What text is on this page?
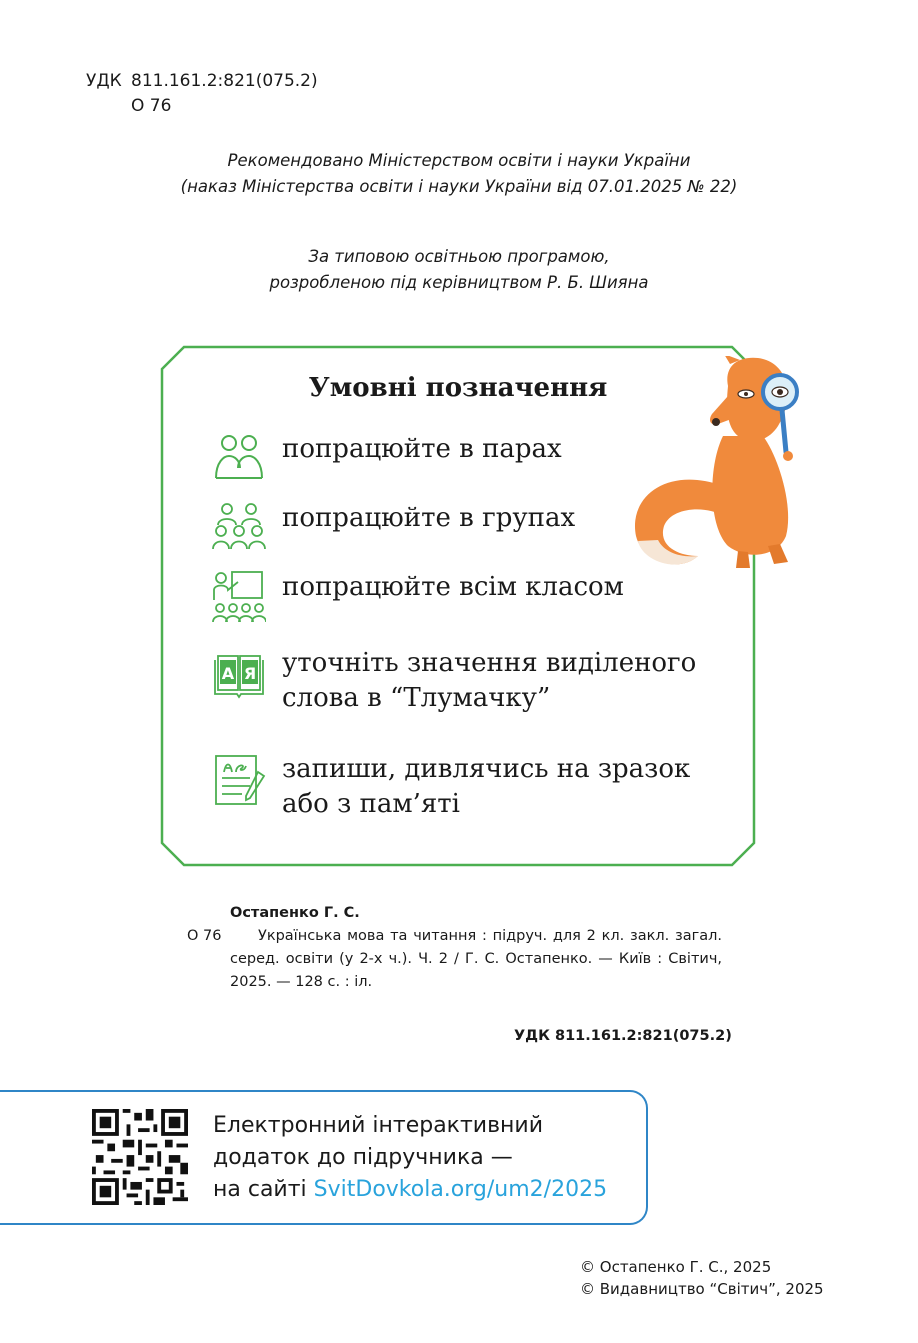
УДК 811.161.2:821(075.2)
О 76
Рекомендовано Міністерством освіти і науки України
(наказ Міністерства освіти і науки України від 07.01.2025 № 22)
За типовою освітньою програмою,
розробленою під керівництвом Р. Б. Шияна
Умовні позначення
попрацюйте в парах
попрацюйте в групах
попрацюйте всім класом
A Я уточніть значення виділеного
слова в “Тлумачку”
запиши, дивлячись на зразок
або з пам’яті
Остапенко Г. С.
О 76	Українська мова та читання : підруч. для 2 кл. закл. загал. серед. освіти (у 2-х ч.). Ч. 2 / Г. С. Остапенко. — Київ : Світич, 2025. — 128 с. : іл.
УДК 811.161.2:821(075.2)
Електронний інтерактивний
додаток до підручника —
на сайті SvitDovkola.org/um2/2025
© Остапенко Г. С., 2025
© Видавництво “Світич”, 2025
